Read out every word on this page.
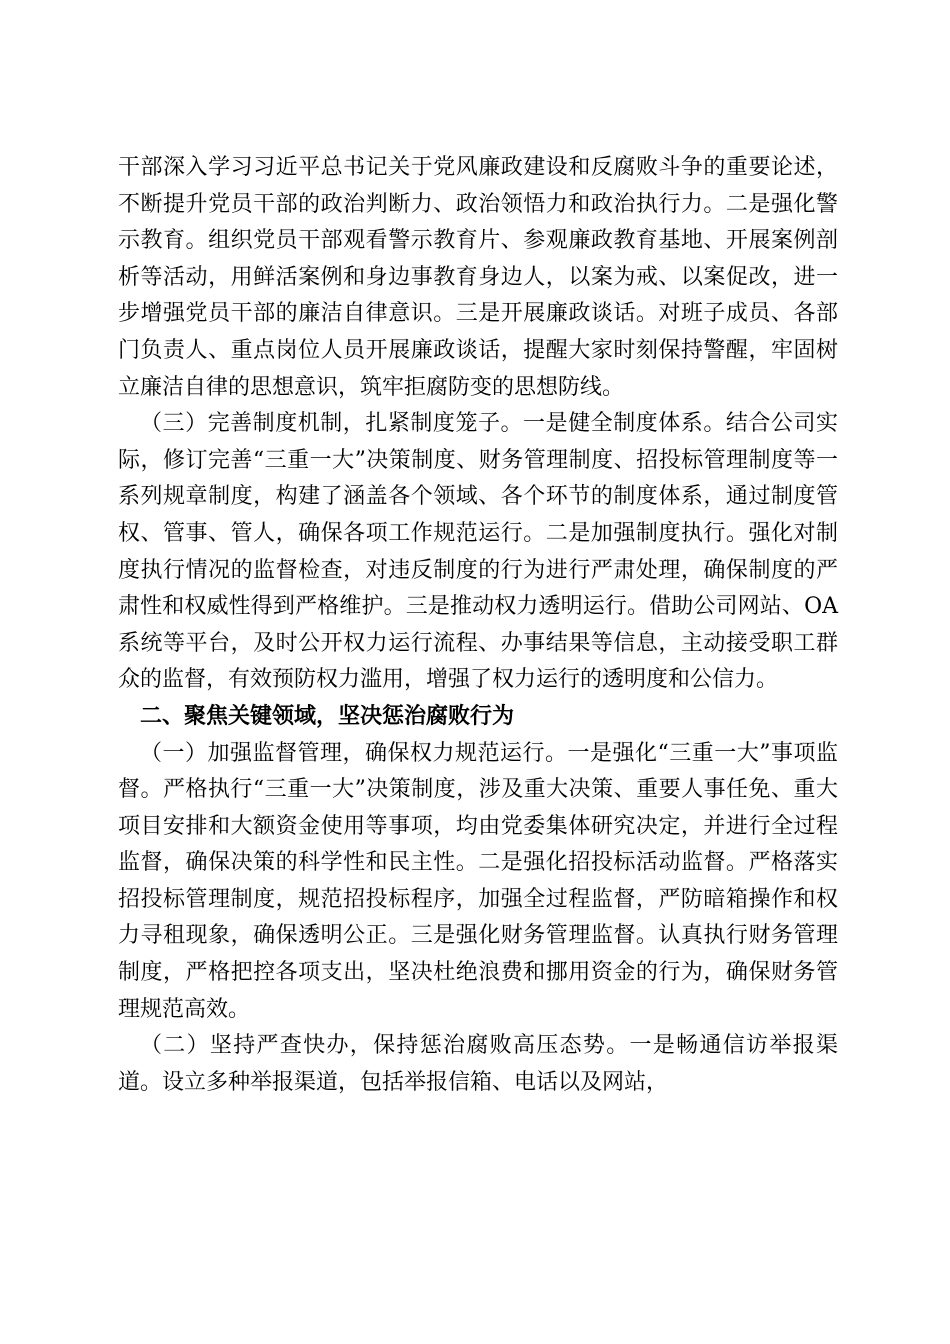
干部深入学习习近平总书记关于党风廉政建设和反腐败斗争的重要论述，不断提升党员干部的政治判断力、政治领悟力和政治执行力。二是强化警示教育。组织党员干部观看警示教育片、参观廉政教育基地、开展案例剖析等活动，用鲜活案例和身边事教育身边人，以案为戒、以案促改，进一步增强党员干部的廉洁自律意识。三是开展廉政谈话。对班子成员、各部门负责人、重点岗位人员开展廉政谈话，提醒大家时刻保持警醒，牢固树立廉洁自律的思想意识，筑牢拒腐防变的思想防线。

（三）完善制度机制，扎紧制度笼子。一是健全制度体系。结合公司实际，修订完善“三重一大”决策制度、财务管理制度、招投标管理制度等一系列规章制度，构建了涵盖各个领域、各个环节的制度体系，通过制度管权、管事、管人，确保各项工作规范运行。二是加强制度执行。强化对制度执行情况的监督检查，对违反制度的行为进行严肃处理，确保制度的严肃性和权威性得到严格维护。三是推动权力透明运行。借助公司网站、OA 系统等平台，及时公开权力运行流程、办事结果等信息，主动接受职工群众的监督，有效预防权力滥用，增强了权力运行的透明度和公信力。

二、聚焦关键领域，坚决惩治腐败行为

（一）加强监督管理，确保权力规范运行。一是强化“三重一大”事项监督。严格执行“三重一大”决策制度，涉及重大决策、重要人事任免、重大项目安排和大额资金使用等事项，均由党委集体研究决定，并进行全过程监督，确保决策的科学性和民主性。二是强化招投标活动监督。严格落实招投标管理制度，规范招投标程序，加强全过程监督，严防暗箱操作和权力寻租现象，确保透明公正。三是强化财务管理监督。认真执行财务管理制度，严格把控各项支出，坚决杜绝浪费和挪用资金的行为，确保财务管理规范高效。

（二）坚持严查快办，保持惩治腐败高压态势。一是畅通信访举报渠道。设立多种举报渠道，包括举报信箱、电话以及网站，
